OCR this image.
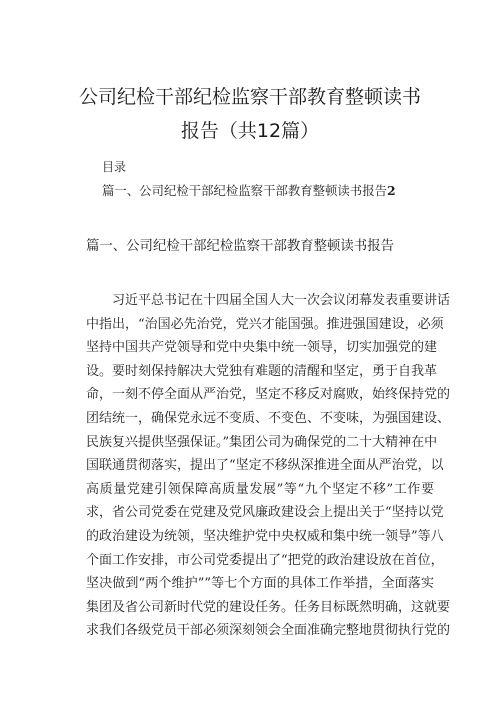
公司纪检干部纪检监察干部教育整顿读书
报告（共12篇）
目录
篇一、公司纪检干部纪检监察干部教育整顿读书报告2
篇一、公司纪检干部纪检监察干部教育整顿读书报告
习近平总书记在十四届全国人大一次会议闭幕发表重要讲话
中指出，“治国必先治党，党兴才能国强。推进强国建设，必须
坚持中国共产党领导和党中央集中统一领导，切实加强党的建
设。要时刻保持解决大党独有难题的清醒和坚定，勇于自我革
命，一刻不停全面从严治党，坚定不移反对腐败，始终保持党的
团结统一，确保党永远不变质、不变色、不变味，为强国建设、
民族复兴提供坚强保证。”集团公司为确保党的二十大精神在中
国联通贯彻落实，提出了“坚定不移纵深推进全面从严治党，以
高质量党建引领保障高质量发展”等“九个坚定不移”工作要
求，省公司党委在党建及党风廉政建设会上提出关于“坚持以党
的政治建设为统领，坚决维护党中央权威和集中统一领导”等八
个面工作安排，市公司党委提出了“把党的政治建设放在首位，
坚决做到“两个维护””等七个方面的具体工作举措，全面落实
集团及省公司新时代党的建设任务。任务目标既然明确，这就要
求我们各级党员干部必须深刻领会全面准确完整地贯彻执行党的
